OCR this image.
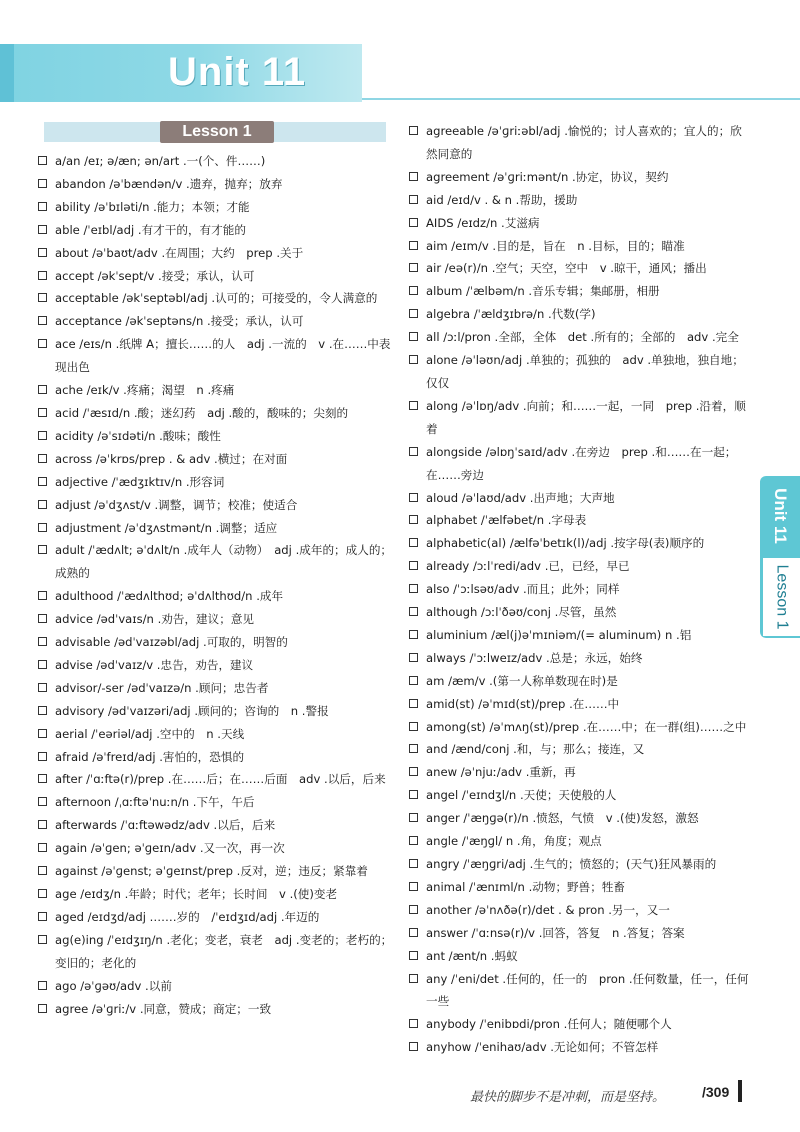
Unit 11
Lesson 1
a/an /eɪ; ə/æn; ən/art .一(个、件……)
abandon /əˈbændən/v .遗弃，抛弃；放弃
ability /əˈbɪləti/n .能力；本领；才能
able /ˈeɪbl/adj .有才干的，有才能的
about /əˈbaʊt/adv .在周围；大约　prep .关于
accept /əkˈsept/v .接受；承认，认可
acceptable /əkˈseptəbl/adj .认可的；可接受的，令人满意的
acceptance /əkˈseptəns/n .接受；承认，认可
ace /eɪs/n .纸牌 A；擅长……的人　adj .一流的　v .在……中表现出色
ache /eɪk/v .疼痛；渴望　n .疼痛
acid /ˈæsɪd/n .酸；迷幻药　adj .酸的，酸味的；尖刻的
acidity /əˈsɪdəti/n .酸味；酸性
across /əˈkrɒs/prep . & adv .横过；在对面
adjective /ˈædʒɪktɪv/n .形容词
adjust /əˈdʒʌst/v .调整，调节；校准；使适合
adjustment /əˈdʒʌstmənt/n .调整；适应
adult /ˈædʌlt; əˈdʌlt/n .成年人（动物）　adj .成年的；成人的；成熟的
adulthood /ˈædʌlthʊd; əˈdʌlthʊd/n .成年
advice /ədˈvaɪs/n .劝告，建议；意见
advisable /ədˈvaɪzəbl/adj .可取的，明智的
advise /ədˈvaɪz/v .忠告，劝告，建议
advisor/-ser /ədˈvaɪzə/n .顾问；忠告者
advisory /ədˈvaɪzəri/adj .顾问的；咨询的　n .警报
aerial /ˈeəriəl/adj .空中的　n .天线
afraid /əˈfreɪd/adj .害怕的，恐惧的
after /ˈɑːftə(r)/prep .在……后；在……后面　adv .以后，后来
afternoon /ˌɑːftəˈnuːn/n .下午，午后
afterwards /ˈɑːftəwədz/adv .以后，后来
again /əˈɡen; əˈɡeɪn/adv .又一次，再一次
against /əˈɡenst; əˈɡeɪnst/prep .反对，逆；违反；紧靠着
age /eɪdʒ/n .年龄；时代；老年；长时间　v .(使)变老
aged /eɪdʒd/adj .……岁的　/ˈeɪdʒɪd/adj .年迈的
ag(e)ing /ˈeɪdʒɪŋ/n .老化；变老，衰老　adj .变老的；老朽的；变旧的；老化的
ago /əˈɡəʊ/adv .以前
agree /əˈɡriː/v .同意，赞成；商定；一致
agreeable /əˈɡriːəbl/adj .愉悦的；讨人喜欢的；宜人的；欣然同意的
agreement /əˈɡriːmənt/n .协定，协议，契约
aid /eɪd/v . & n .帮助，援助
AIDS /eɪdz/n .艾滋病
aim /eɪm/v .目的是，旨在　n .目标，目的；瞄准
air /eə(r)/n .空气；天空，空中　v .晾干，通风；播出
album /ˈælbəm/n .音乐专辑；集邮册，相册
algebra /ˈældʒɪbrə/n .代数(学)
all /ɔːl/pron .全部，全体　det .所有的；全部的　adv .完全
alone /əˈləʊn/adj .单独的；孤独的　adv .单独地，独自地；仅仅
along /əˈlɒŋ/adv .向前；和……一起，一同　prep .沿着，顺着
alongside /əlɒŋˈsaɪd/adv .在旁边　prep .和……在一起；在……旁边
aloud /əˈlaʊd/adv .出声地；大声地
alphabet /ˈælfəbet/n .字母表
alphabetic(al) /ælfəˈbetɪk(l)/adj .按字母(表)顺序的
already /ɔːlˈredi/adv .已，已经，早已
also /ˈɔːlsəʊ/adv .而且；此外；同样
although /ɔːlˈðəʊ/conj .尽管，虽然
aluminium /æl(j)əˈmɪniəm/(= aluminum) n .铝
always /ˈɔːlweɪz/adv .总是；永远，始终
am /æm/v .(第一人称单数现在时)是
amid(st) /əˈmɪd(st)/prep .在……中
among(st) /əˈmʌŋ(st)/prep .在……中；在一群(组)……之中
and /ænd/conj .和，与；那么；接连，又
anew /əˈnjuː/adv .重新，再
angel /ˈeɪndʒl/n .天使；天使般的人
anger /ˈæŋɡə(r)/n .愤怒，气愤　v .(使)发怒，激怒
angle /ˈæŋɡl/ n .角，角度；观点
angry /ˈæŋɡri/adj .生气的；愤怒的；(天气)狂风暴雨的
animal /ˈænɪml/n .动物；野兽；牲畜
another /əˈnʌðə(r)/det . & pron .另一，又一
answer /ˈɑːnsə(r)/v .回答，答复　n .答复；答案
ant /ænt/n .蚂蚁
any /ˈeni/det .任何的，任一的　pron .任何数量，任一，任何一些
anybody /ˈenibɒdi/pron .任何人；随便哪个人
anyhow /ˈenihaʊ/adv .无论如何；不管怎样
Unit 11
Lesson 1
最快的脚步不是冲刺，而是坚持。	/309
